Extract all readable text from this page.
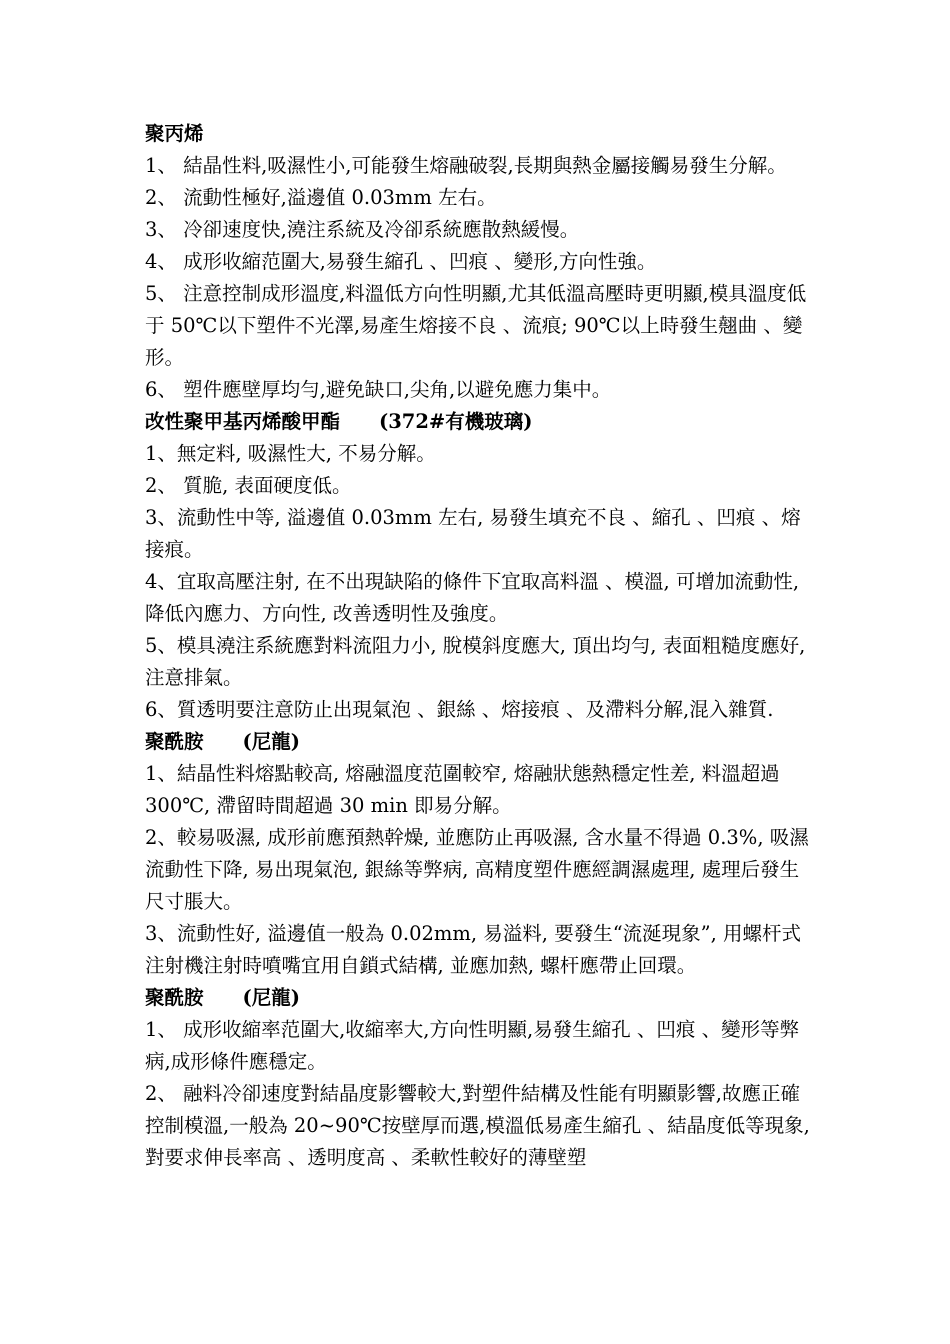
聚丙烯

1、 結晶性料,吸濕性小,可能發生熔融破裂,長期與熱金屬接觸易發生分解。

2、 流動性極好,溢邊值 0.03mm 左右。

3、 冷卻速度快,澆注系統及冷卻系統應散熱緩慢。

4、 成形收縮范圍大,易發生縮孔 、凹痕 、變形,方向性強。

5、 注意控制成形溫度,料溫低方向性明顯,尤其低溫高壓時更明顯,模具溫度低于 50℃以下塑件不光澤,易產生熔接不良 、流痕; 90℃以上時發生翹曲 、變形。

6、 塑件應壁厚均勻,避免缺口,尖角,以避免應力集中。

改性聚甲基丙烯酸甲酯　　(372#有機玻璃)

1、無定料, 吸濕性大, 不易分解。

2、 質脆, 表面硬度低。

3、流動性中等, 溢邊值 0.03mm 左右, 易發生填充不良 、縮孔 、凹痕 、熔接痕。

4、宜取高壓注射, 在不出現缺陷的條件下宜取高料溫 、模溫, 可增加流動性, 降低內應力、方向性, 改善透明性及強度。

5、模具澆注系統應對料流阻力小, 脫模斜度應大, 頂出均勻, 表面粗糙度應好, 注意排氣。

6、質透明要注意防止出現氣泡 、銀絲 、熔接痕 、及滯料分解,混入雜質.

聚酰胺　　(尼龍)

1、結晶性料熔點較高, 熔融溫度范圍較窄, 熔融狀態熱穩定性差, 料溫超過 300℃, 滯留時間超過 30 min 即易分解。

2、較易吸濕, 成形前應預熱幹燥, 並應防止再吸濕, 含水量不得過 0.3%, 吸濕流動性下降, 易出現氣泡, 銀絲等弊病, 高精度塑件應經調濕處理, 處理后發生尺寸脹大。

3、流動性好, 溢邊值一般為 0.02mm, 易溢料, 要發生“流涎現象”, 用螺杆式注射機注射時噴嘴宜用自鎖式結構, 並應加熱, 螺杆應帶止回環。

聚酰胺　　(尼龍)

1、 成形收縮率范圍大,收縮率大,方向性明顯,易發生縮孔 、凹痕 、變形等弊病,成形條件應穩定。

2、 融料冷卻速度對結晶度影響較大,對塑件結構及性能有明顯影響,故應正確控制模溫,一般為 20~90℃按壁厚而選,模溫低易產生縮孔 、結晶度低等現象,對要求伸長率高 、透明度高 、柔軟性較好的薄壁塑
